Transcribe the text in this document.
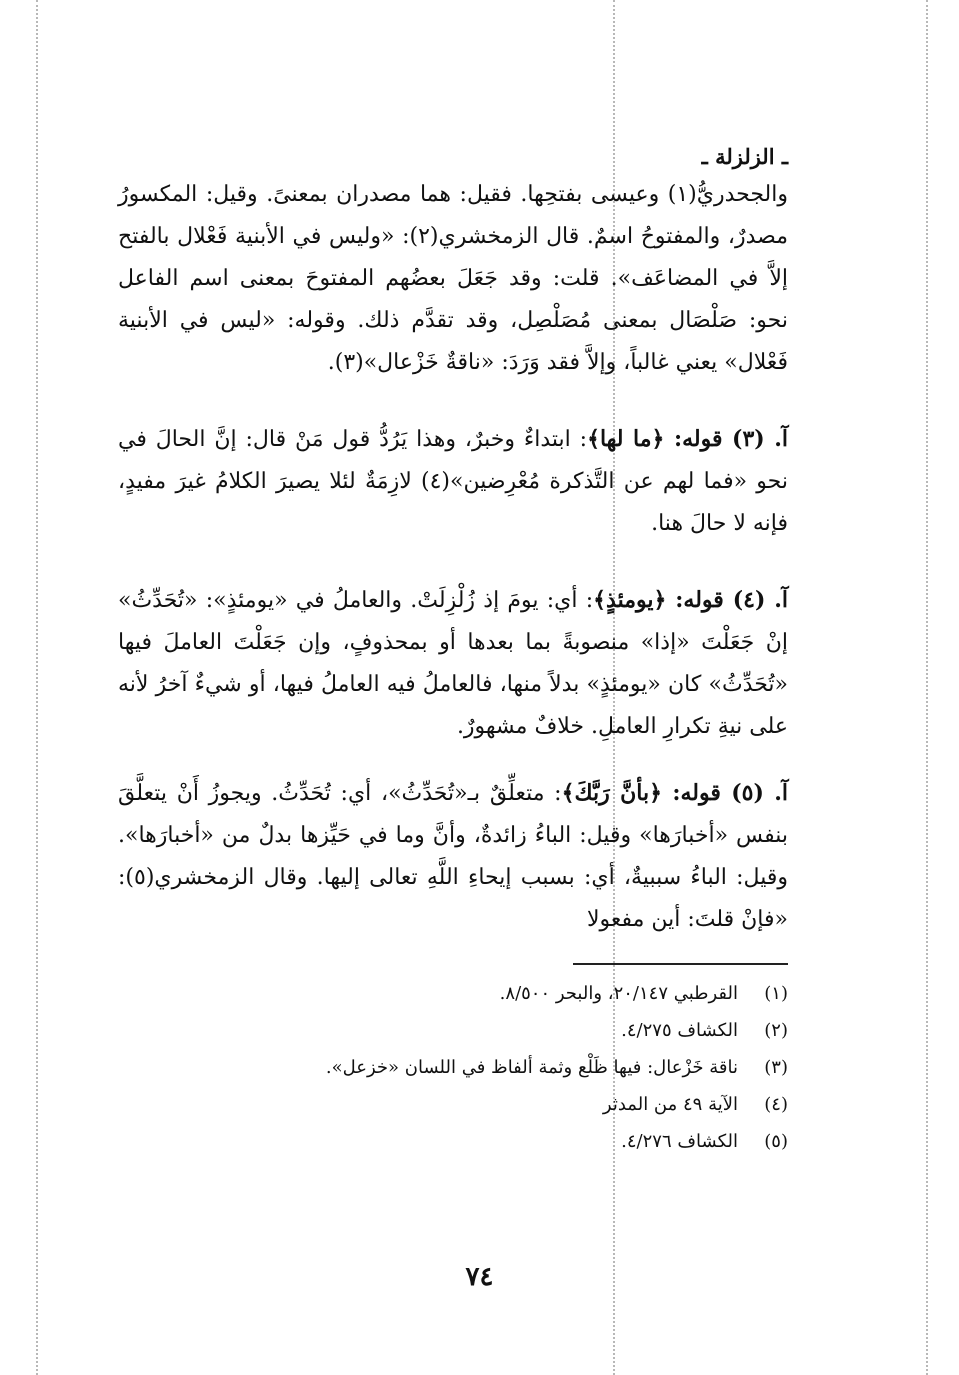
ـ الزلزلة ـ

والجحدريُّ(١) وعيسى بفتحِها. فقيل: هما مصدران بمعنىً. وقيل: المكسورُ مصدرٌ، والمفتوحُ اسمٌ. قال الزمخشري(٢): «وليس في الأبنية فَعْلال بالفتح إلاَّ في المضاعَف». قلت: وقد جَعَلَ بعضُهم المفتوحَ بمعنى اسم الفاعل نحو: صَلْصَال بمعنى مُصَلْصِل، وقد تقدَّم ذلك. وقوله: «ليس في الأبنية فَعْلال» يعني غالباً، وإلاَّ فقد وَرَدَ: «ناقةٌ خَزْعال»(٣).

آ. (٣) قوله: ﴿ما لها﴾: ابتداءٌ وخبرٌ، وهذا يَرُدُّ قول مَنْ قال: إنَّ الحالَ في نحو «فما لهم عن التَّذكرة مُعْرِضين»(٤) لازِمَةٌ لئلا يصيرَ الكلامُ غيرَ مفيدٍ، فإنه لا حالَ هنا.

آ. (٤) قوله: ﴿يومئذٍ﴾: أي: يومَ إذ زُلْزِلَتْ. والعاملُ في «يومئذٍ»: «تُحَدِّثُ» إنْ جَعَلْتَ «إذا» منصوبةً بما بعدها أو بمحذوفٍ، وإن جَعَلْتَ العاملَ فيها «تُحَدِّثُ» كان «يومئذٍ» بدلاً منها، فالعاملُ فيه العاملُ فيها، أو شيءٌ آخرُ لأنه على نيةِ تكرارِ العاملِ. خلافٌ مشهورٌ.

آ. (٥) قوله: ﴿بأنَّ رَبَّكَ﴾: متعلِّقٌ بـ«تُحَدِّثُ»، أي: تُحَدِّثُ. ويجوزُ أَنْ يتعلَّقَ بنفس «أخبارَها» وقيل: الباءُ زائدةٌ، وأنَّ وما في حَيِّزها بدلٌ من «أخبارَها». وقيل: الباءُ سببيةٌ، أي: بسبب إيحاءِ اللَّهِ تعالى إليها. وقال الزمخشري(٥): «فإنْ قلتَ: أين مفعولا

(١)
القرطبي ٢٠/١٤٧، والبحر ٨/٥٠٠.
(٢)
الكشاف ٤/٢٧٥.
(٣)
ناقة خَزْعال: فيها ظَلْع وثمة ألفاظ في اللسان «خزعل».
(٤)
الآية ٤٩ من المدثر
(٥)
الكشاف ٤/٢٧٦.
٧٤
